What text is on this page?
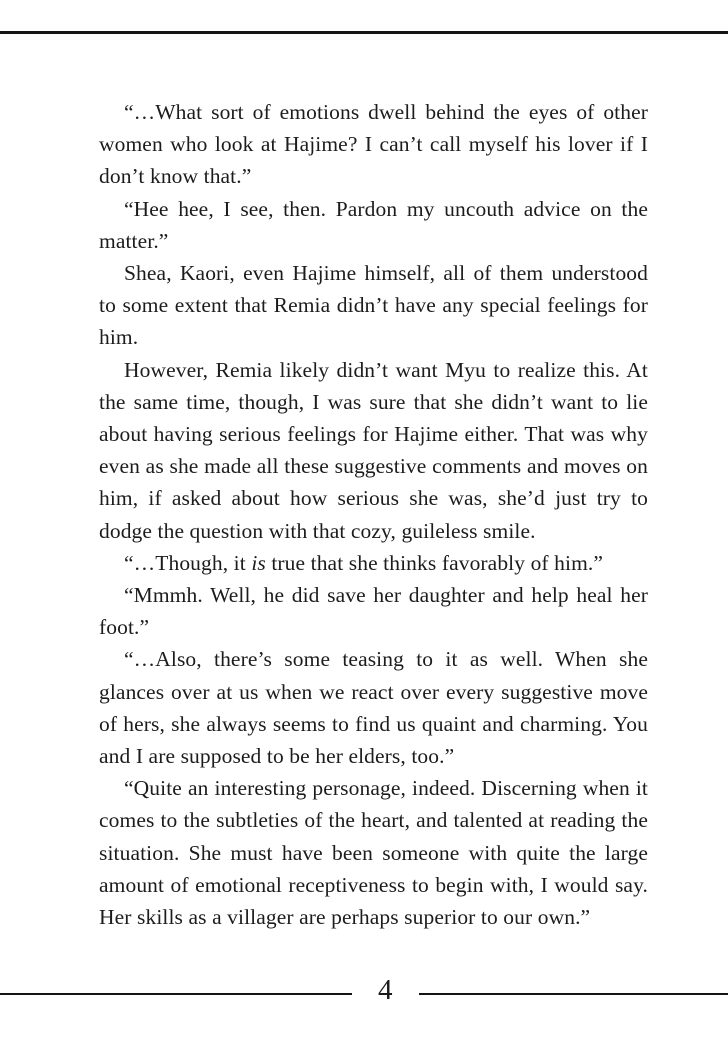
“…What sort of emotions dwell behind the eyes of other women who look at Hajime? I can’t call myself his lover if I don’t know that.”

“Hee hee, I see, then. Pardon my uncouth advice on the matter.”

Shea, Kaori, even Hajime himself, all of them understood to some extent that Remia didn’t have any special feelings for him.

However, Remia likely didn’t want Myu to realize this. At the same time, though, I was sure that she didn’t want to lie about having serious feelings for Hajime either. That was why even as she made all these suggestive comments and moves on him, if asked about how serious she was, she’d just try to dodge the question with that cozy, guileless smile.

“…Though, it is true that she thinks favorably of him.”

“Mmmh. Well, he did save her daughter and help heal her foot.”

“…Also, there’s some teasing to it as well. When she glances over at us when we react over every suggestive move of hers, she always seems to find us quaint and charming. You and I are supposed to be her elders, too.”

“Quite an interesting personage, indeed. Discerning when it comes to the subtleties of the heart, and talented at reading the situation. She must have been someone with quite the large amount of emotional receptiveness to begin with, I would say. Her skills as a villager are perhaps superior to our own.”

4
